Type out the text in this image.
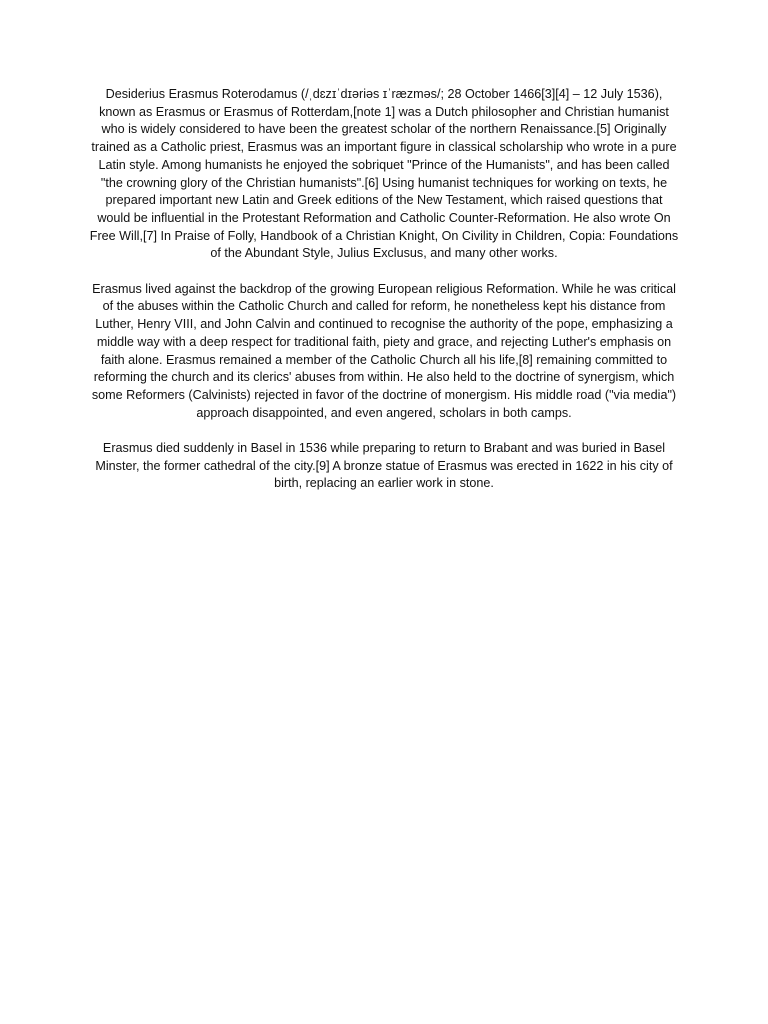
Desiderius Erasmus Roterodamus (/ˌdɛzɪˈdɪəriəs ɪˈræzməs/; 28 October 1466[3][4] – 12 July 1536), known as Erasmus or Erasmus of Rotterdam,[note 1] was a Dutch philosopher and Christian humanist who is widely considered to have been the greatest scholar of the northern Renaissance.[5] Originally trained as a Catholic priest, Erasmus was an important figure in classical scholarship who wrote in a pure Latin style. Among humanists he enjoyed the sobriquet "Prince of the Humanists", and has been called "the crowning glory of the Christian humanists".[6] Using humanist techniques for working on texts, he prepared important new Latin and Greek editions of the New Testament, which raised questions that would be influential in the Protestant Reformation and Catholic Counter-Reformation. He also wrote On Free Will,[7] In Praise of Folly, Handbook of a Christian Knight, On Civility in Children, Copia: Foundations of the Abundant Style, Julius Exclusus, and many other works.

Erasmus lived against the backdrop of the growing European religious Reformation. While he was critical of the abuses within the Catholic Church and called for reform, he nonetheless kept his distance from Luther, Henry VIII, and John Calvin and continued to recognise the authority of the pope, emphasizing a middle way with a deep respect for traditional faith, piety and grace, and rejecting Luther's emphasis on faith alone. Erasmus remained a member of the Catholic Church all his life,[8] remaining committed to reforming the church and its clerics' abuses from within. He also held to the doctrine of synergism, which some Reformers (Calvinists) rejected in favor of the doctrine of monergism. His middle road ("via media") approach disappointed, and even angered, scholars in both camps.

Erasmus died suddenly in Basel in 1536 while preparing to return to Brabant and was buried in Basel Minster, the former cathedral of the city.[9] A bronze statue of Erasmus was erected in 1622 in his city of birth, replacing an earlier work in stone.
